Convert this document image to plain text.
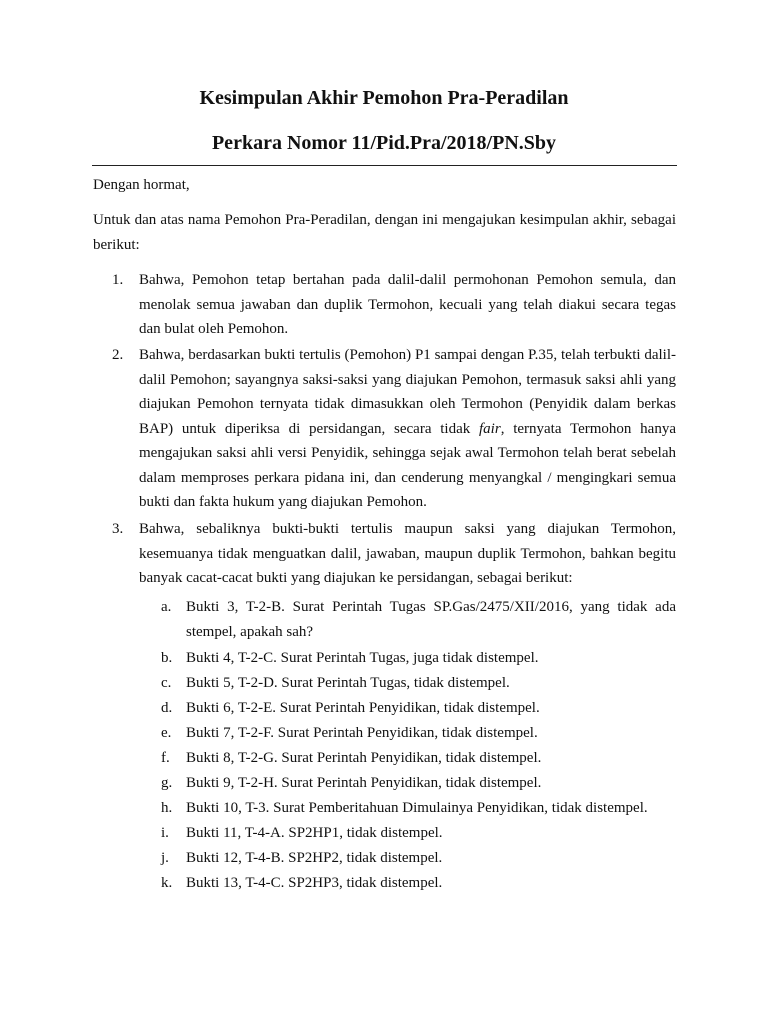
Kesimpulan Akhir Pemohon Pra-Peradilan
Perkara Nomor 11/Pid.Pra/2018/PN.Sby

Dengan hormat,

Untuk dan atas nama Pemohon Pra-Peradilan, dengan ini mengajukan kesimpulan akhir, sebagai berikut:

1. Bahwa, Pemohon tetap bertahan pada dalil-dalil permohonan Pemohon semula, dan menolak semua jawaban dan duplik Termohon, kecuali yang telah diakui secara tegas dan bulat oleh Pemohon.

2. Bahwa, berdasarkan bukti tertulis (Pemohon) P1 sampai dengan P.35, telah terbukti dalil-dalil Pemohon; sayangnya saksi-saksi yang diajukan Pemohon, termasuk saksi ahli yang diajukan Pemohon ternyata tidak dimasukkan oleh Termohon (Penyidik dalam berkas BAP) untuk diperiksa di persidangan, secara tidak fair, ternyata Termohon hanya mengajukan saksi ahli versi Penyidik, sehingga sejak awal Termohon telah berat sebelah dalam memproses perkara pidana ini, dan cenderung menyangkal / mengingkari semua bukti dan fakta hukum yang diajukan Pemohon.

3. Bahwa, sebaliknya bukti-bukti tertulis maupun saksi yang diajukan Termohon, kesemuanya tidak menguatkan dalil, jawaban, maupun duplik Termohon, bahkan begitu banyak cacat-cacat bukti yang diajukan ke persidangan, sebagai berikut:

a. Bukti 3, T-2-B. Surat Perintah Tugas SP.Gas/2475/XII/2016, yang tidak ada stempel, apakah sah?

b. Bukti 4, T-2-C. Surat Perintah Tugas, juga tidak distempel.

c. Bukti 5, T-2-D. Surat Perintah Tugas, tidak distempel.

d. Bukti 6, T-2-E. Surat Perintah Penyidikan, tidak distempel.

e. Bukti 7, T-2-F. Surat Perintah Penyidikan, tidak distempel.

f. Bukti 8, T-2-G. Surat Perintah Penyidikan, tidak distempel.

g. Bukti 9, T-2-H. Surat Perintah Penyidikan, tidak distempel.

h. Bukti 10, T-3. Surat Pemberitahuan Dimulainya Penyidikan, tidak distempel.

i. Bukti 11, T-4-A. SP2HP1, tidak distempel.

j. Bukti 12, T-4-B. SP2HP2, tidak distempel.

k. Bukti 13, T-4-C. SP2HP3, tidak distempel.
